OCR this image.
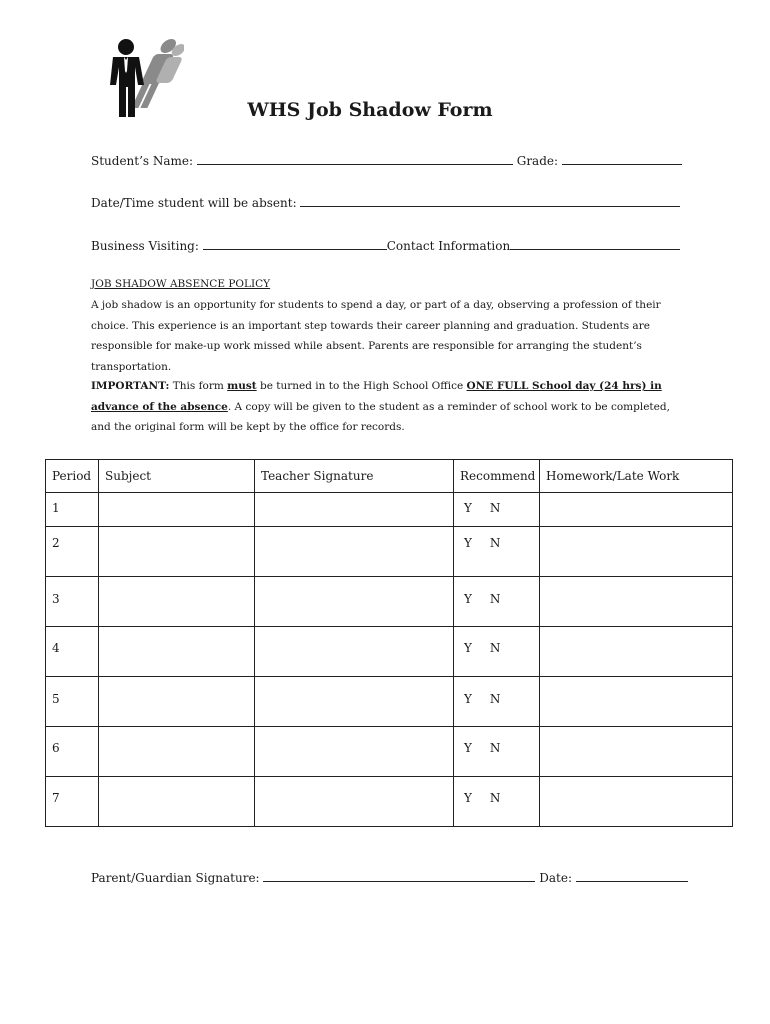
WHS Job Shadow Form
Student’s Name:	Grade:
Date/Time student will be absent:
Business Visiting:	Contact Information
JOB SHADOW ABSENCE POLICY
A job shadow is an opportunity for students to spend a day, or part of a day, observing a profession of their choice. This experience is an important step towards their career planning and graduation. Students are responsible for make-up work missed while absent. Parents are responsible for arranging the student’s transportation.
IMPORTANT: This form must be turned in to the High School Office ONE FULL School day (24 hrs) in advance of the absence. A copy will be given to the student as a reminder of school work to be completed, and the original form will be kept by the office for records.
Period	Subject	Teacher Signature	Recommend	Homework/Late Work
1			Y N	
2			Y N	
3			Y N	
4			Y N	
5			Y N	
6			Y N	
7			Y N	
Parent/Guardian Signature:	Date:
